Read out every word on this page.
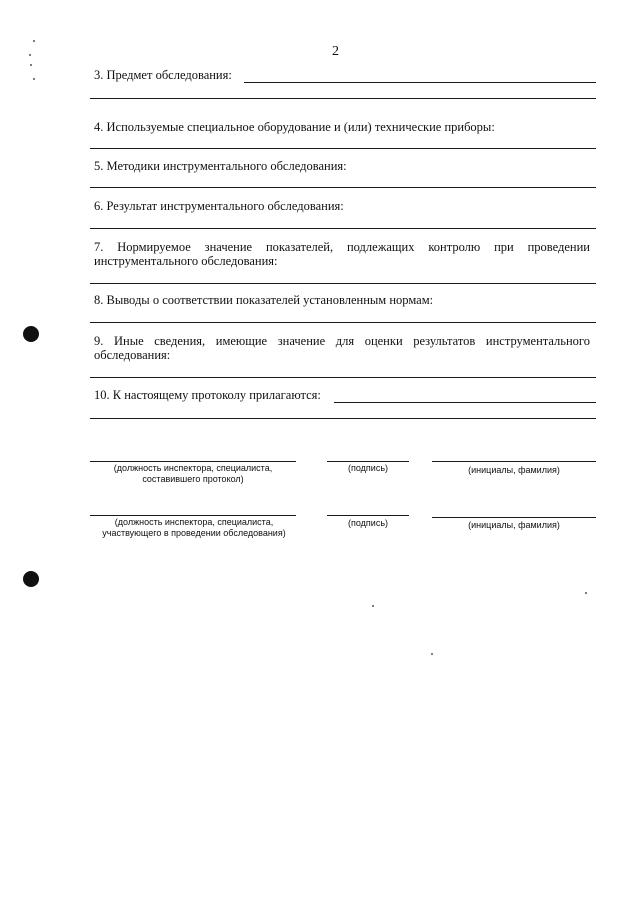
2
3. Предмет обследования:
4. Используемые специальное оборудование и (или) технические приборы:
5. Методики инструментального обследования:
6. Результат инструментального обследования:
7. Нормируемое значение показателей, подлежащих контролю при проведении
инструментального обследования:
8. Выводы о соответствии показателей установленным нормам:
9. Иные сведения, имеющие значение для оценки результатов инструментального
обследования:
10. К настоящему протоколу прилагаются:
(должность инспектора, специалиста, составившего протокол)
(подпись)	(инициалы, фамилия)
(должность инспектора, специалиста, участвующего в проведении обследования)
(подпись)	(инициалы, фамилия)
